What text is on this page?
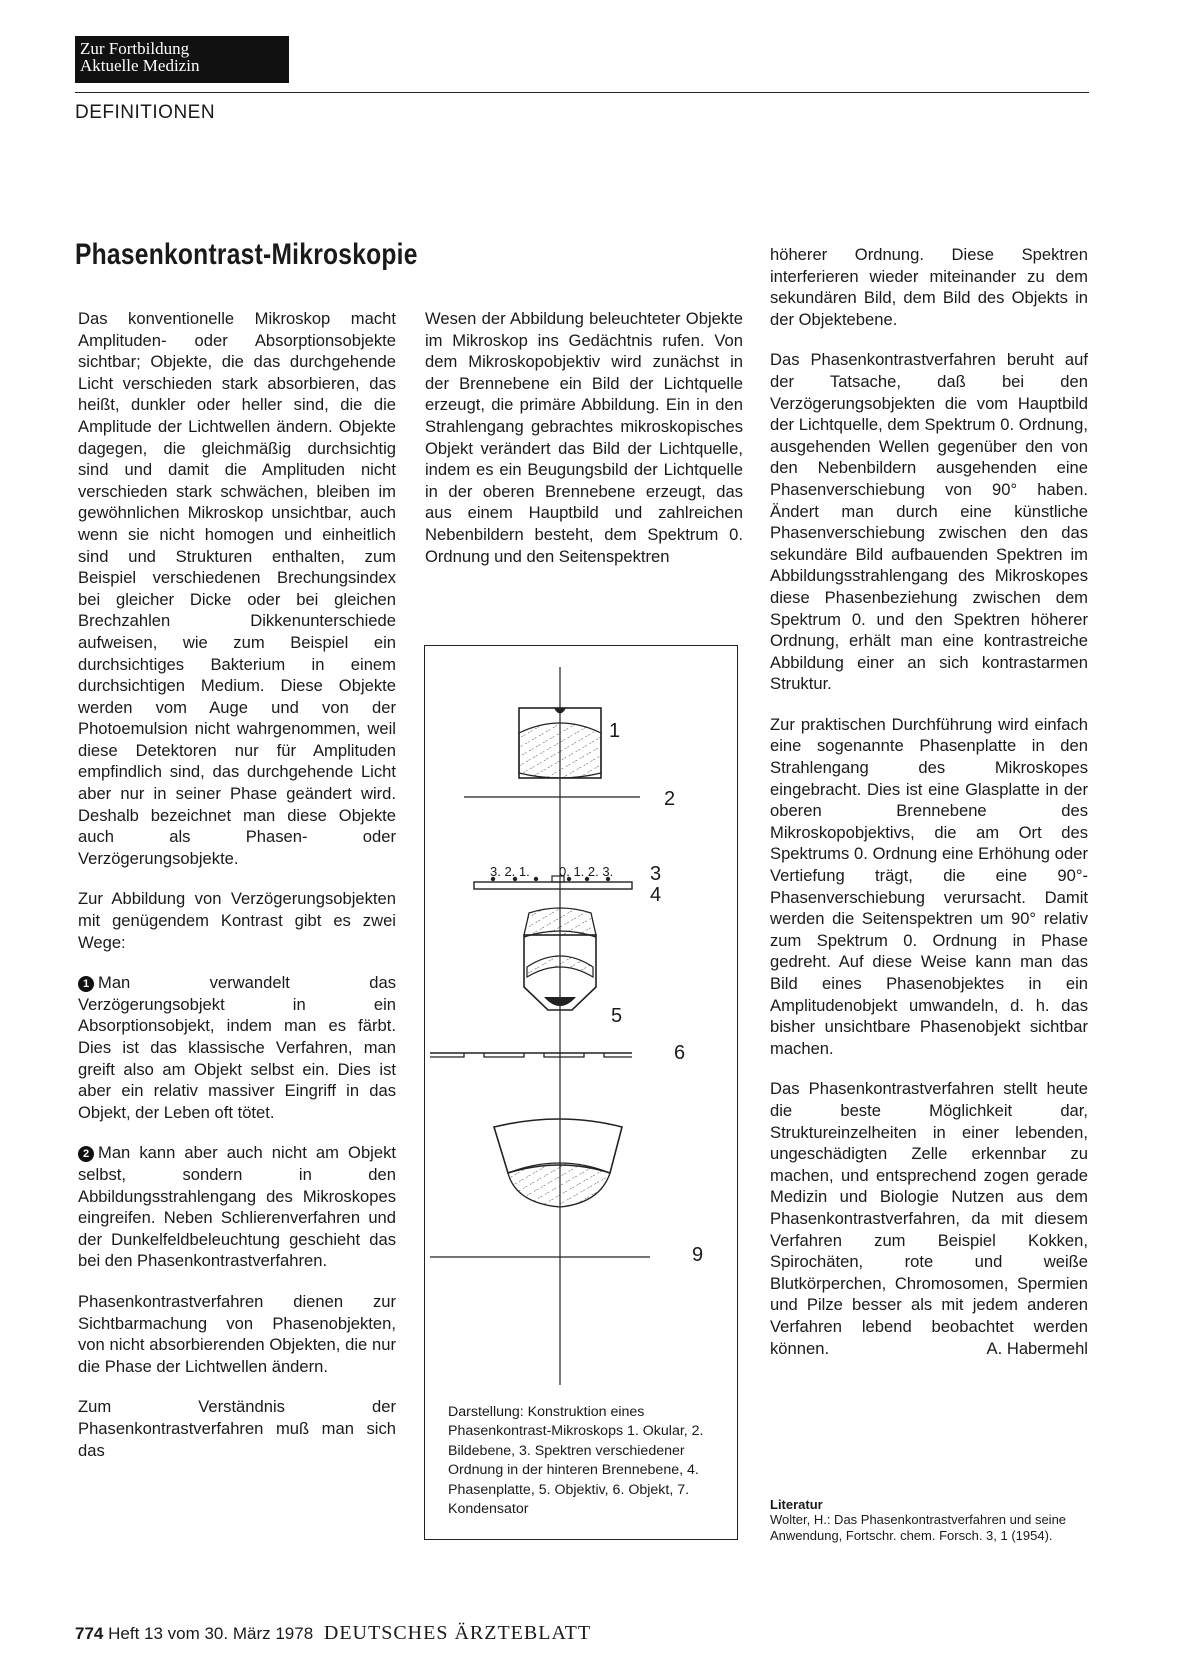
Zur Fortbildung
Aktuelle Medizin
DEFINITIONEN
Phasenkontrast-Mikroskopie

Das konventionelle Mikroskop macht Amplituden- oder Absorptionsobjekte sichtbar; Objekte, die das durchgehende Licht verschieden stark absorbieren, das heißt, dunkler oder heller sind, die die Amplitude der Lichtwellen ändern. Objekte dagegen, die gleichmäßig durchsichtig sind und damit die Amplituden nicht verschieden stark schwächen, bleiben im gewöhnlichen Mikroskop unsichtbar, auch wenn sie nicht homogen und einheitlich sind und Strukturen enthalten, zum Beispiel verschiedenen Brechungsindex bei gleicher Dicke oder bei gleichen Brechzahlen Dikkenunterschiede aufweisen, wie zum Beispiel ein durchsichtiges Bakterium in einem durchsichtigen Medium. Diese Objekte werden vom Auge und von der Photoemulsion nicht wahrgenommen, weil diese Detektoren nur für Amplituden empfindlich sind, das durchgehende Licht aber nur in seiner Phase geändert wird. Deshalb bezeichnet man diese Objekte auch als Phasen- oder Verzögerungsobjekte.

Zur Abbildung von Verzögerungsobjekten mit genügendem Kontrast gibt es zwei Wege:

1 Man verwandelt das Verzögerungsobjekt in ein Absorptionsobjekt, indem man es färbt. Dies ist das klassische Verfahren, man greift also am Objekt selbst ein. Dies ist aber ein relativ massiver Eingriff in das Objekt, der Leben oft tötet.

2 Man kann aber auch nicht am Objekt selbst, sondern in den Abbildungsstrahlengang des Mikroskopes eingreifen. Neben Schlierenverfahren und der Dunkelfeldbeleuchtung geschieht das bei den Phasenkontrastverfahren.

Phasenkontrastverfahren dienen zur Sichtbarmachung von Phasenobjekten, von nicht absorbierenden Objekten, die nur die Phase der Lichtwellen ändern.

Zum Verständnis der Phasenkontrastverfahren muß man sich das

Wesen der Abbildung beleuchteter Objekte im Mikroskop ins Gedächtnis rufen. Von dem Mikroskopobjektiv wird zunächst in der Brennebene ein Bild der Lichtquelle erzeugt, die primäre Abbildung. Ein in den Strahlengang gebrachtes mikroskopisches Objekt verändert das Bild der Lichtquelle, indem es ein Beugungsbild der Lichtquelle in der oberen Brennebene erzeugt, das aus einem Hauptbild und zahlreichen Nebenbildern besteht, dem Spektrum 0. Ordnung und den Seitenspektren

1
2
3
4
5
6
9
3. 2. 1. 0. 1. 2. 3.
Darstellung: Konstruktion eines Phasenkontrast-Mikroskops 1. Okular, 2. Bildebene, 3. Spektren verschiedener Ordnung in der hinteren Brennebene, 4. Phasenplatte, 5. Objektiv, 6. Objekt, 7. Kondensator

höherer Ordnung. Diese Spektren interferieren wieder miteinander zu dem sekundären Bild, dem Bild des Objekts in der Objektebene.

Das Phasenkontrastverfahren beruht auf der Tatsache, daß bei den Verzögerungsobjekten die vom Hauptbild der Lichtquelle, dem Spektrum 0. Ordnung, ausgehenden Wellen gegenüber den von den Nebenbildern ausgehenden eine Phasenverschiebung von 90° haben. Ändert man durch eine künstliche Phasenverschiebung zwischen den das sekundäre Bild aufbauenden Spektren im Abbildungsstrahlengang des Mikroskopes diese Phasenbeziehung zwischen dem Spektrum 0. und den Spektren höherer Ordnung, erhält man eine kontrastreiche Abbildung einer an sich kontrastarmen Struktur.

Zur praktischen Durchführung wird einfach eine sogenannte Phasenplatte in den Strahlengang des Mikroskopes eingebracht. Dies ist eine Glasplatte in der oberen Brennebene des Mikroskopobjektivs, die am Ort des Spektrums 0. Ordnung eine Erhöhung oder Vertiefung trägt, die eine 90°-Phasenverschiebung verursacht. Damit werden die Seitenspektren um 90° relativ zum Spektrum 0. Ordnung in Phase gedreht. Auf diese Weise kann man das Bild eines Phasenobjektes in ein Amplitudenobjekt umwandeln, d. h. das bisher unsichtbare Phasenobjekt sichtbar machen.

Das Phasenkontrastverfahren stellt heute die beste Möglichkeit dar, Struktureinzelheiten in einer lebenden, ungeschädigten Zelle erkennbar zu machen, und entsprechend zogen gerade Medizin und Biologie Nutzen aus dem Phasenkontrastverfahren, da mit diesem Verfahren zum Beispiel Kokken, Spirochäten, rote und weiße Blutkörperchen, Chromosomen, Spermien und Pilze besser als mit jedem anderen Verfahren lebend beobachtet werden können.	A. Habermehl

Literatur
Wolter, H.: Das Phasenkontrastverfahren und seine Anwendung, Fortschr. chem. Forsch. 3, 1 (1954).
774 Heft 13 vom 30. März 1978 DEUTSCHES ÄRZTEBLATT
